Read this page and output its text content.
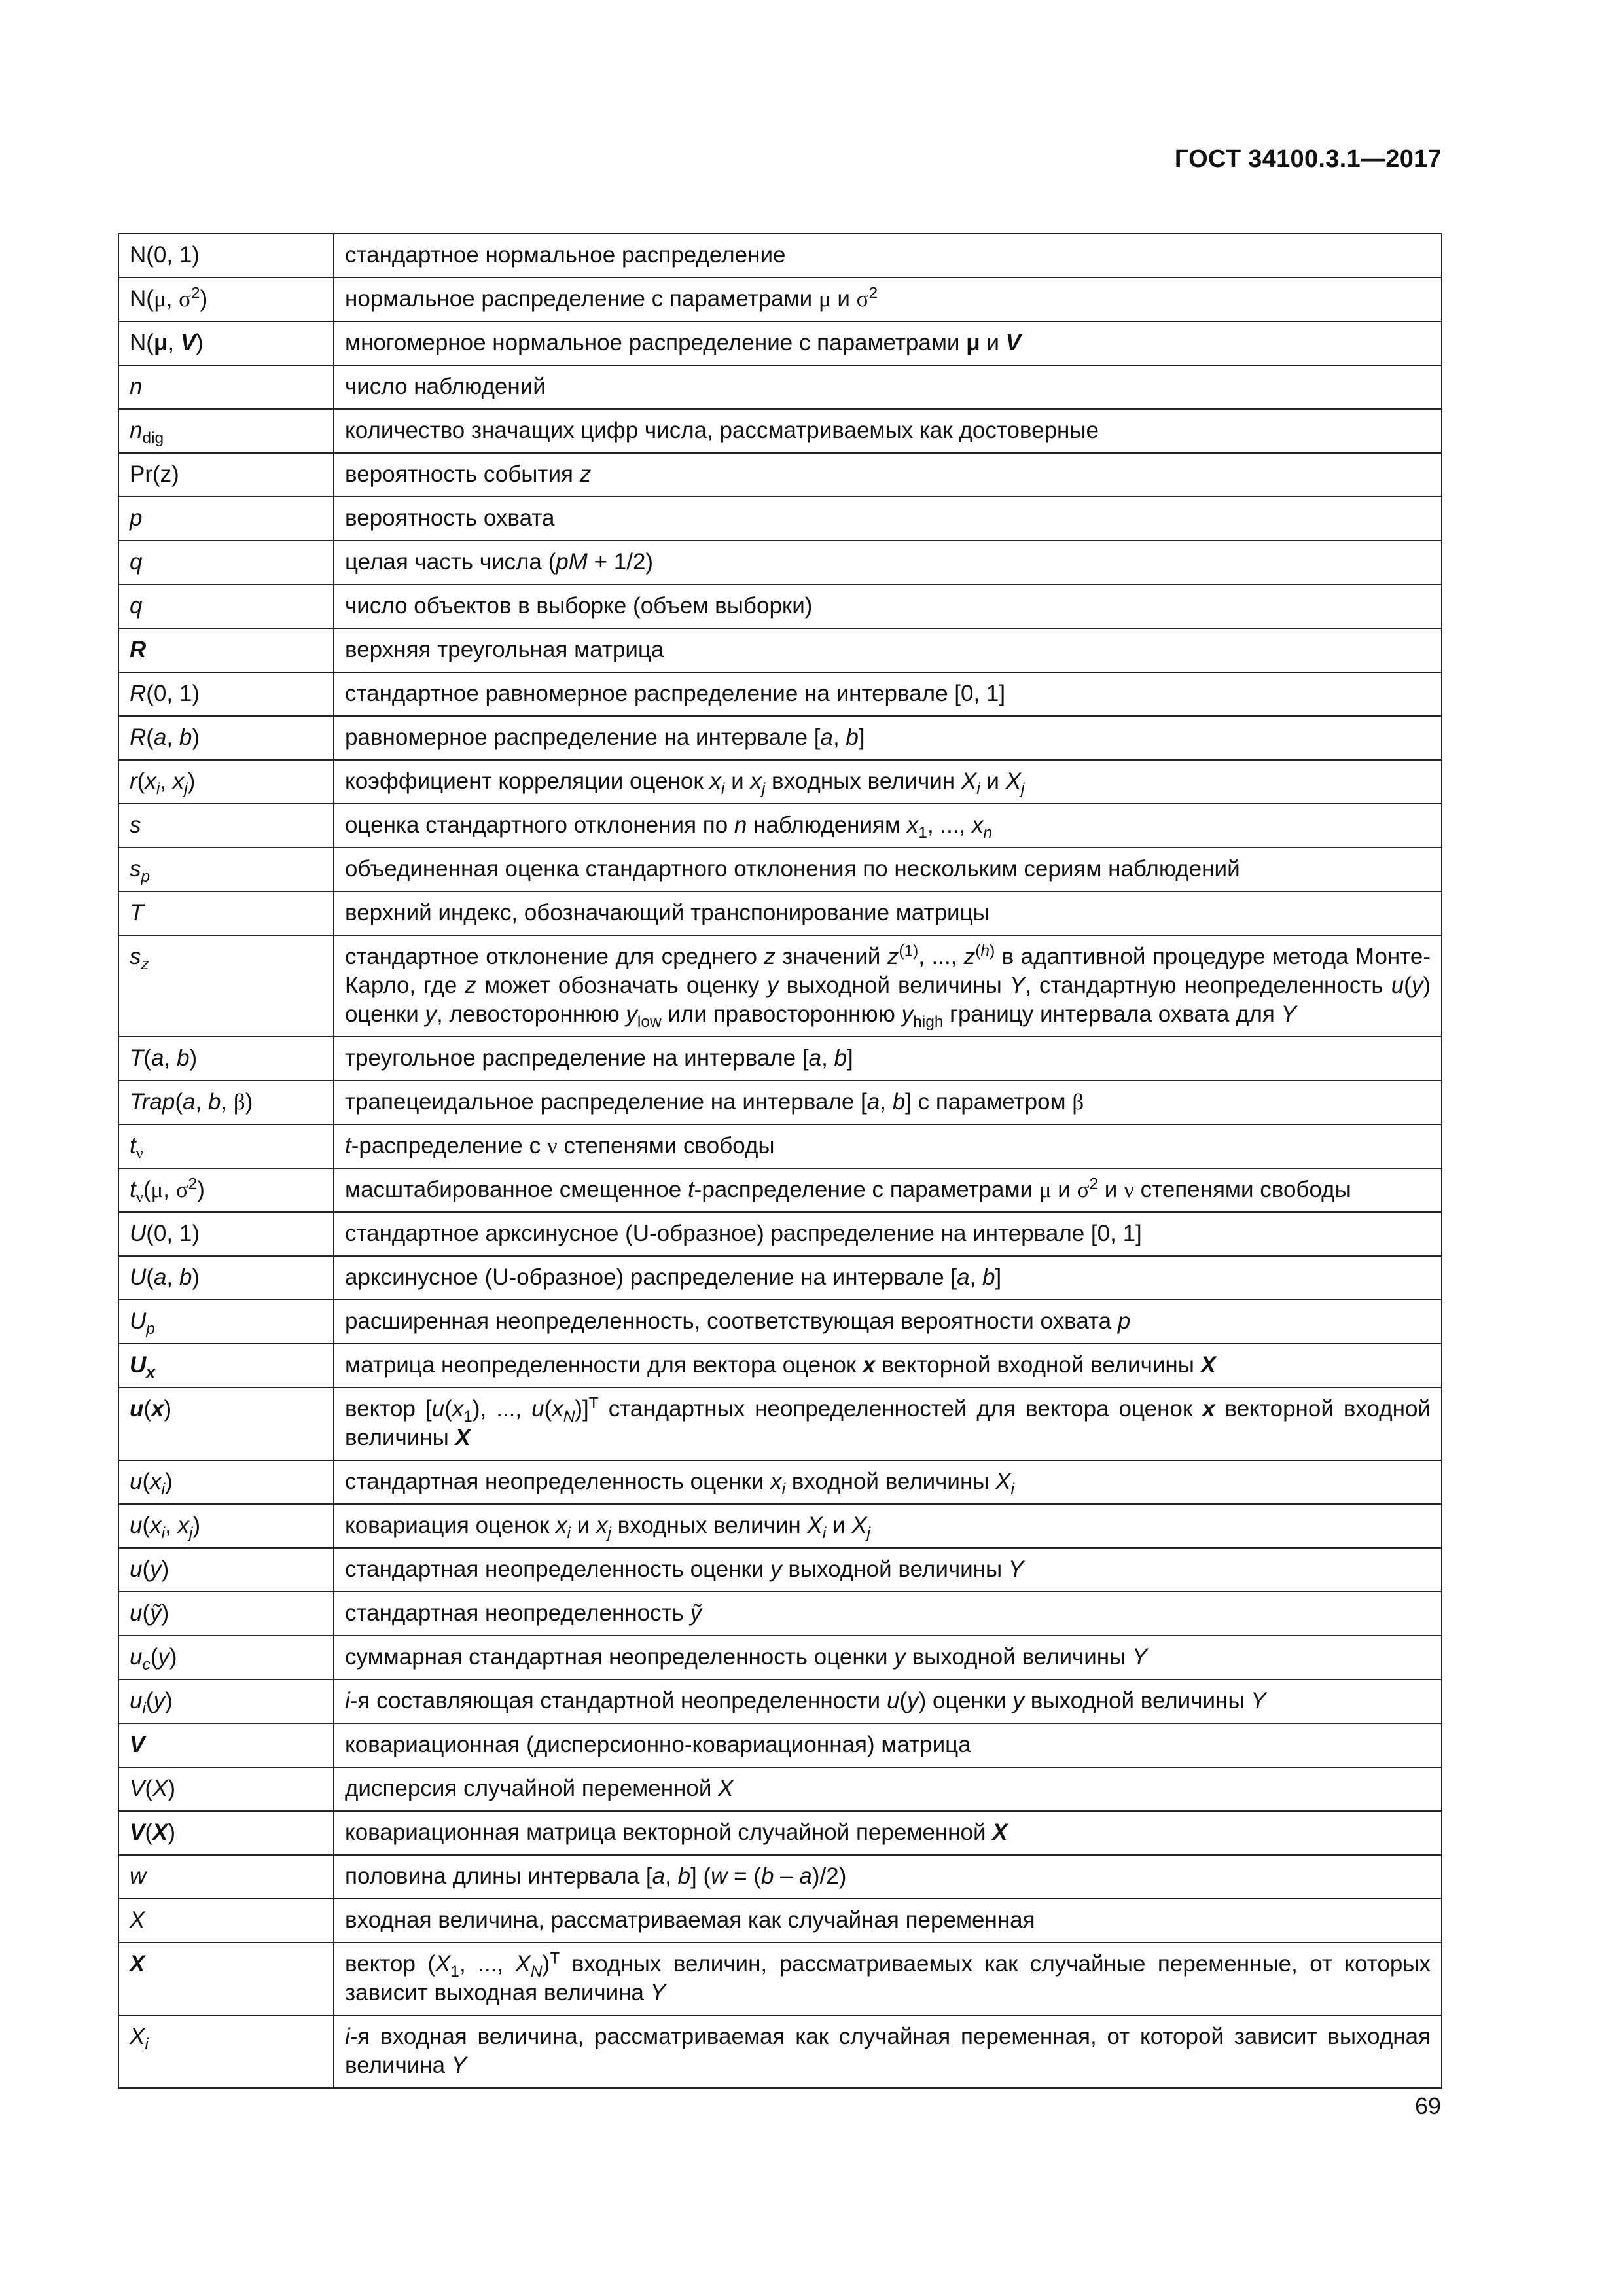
ГОСТ 34100.3.1—2017
N(0, 1)	стандартное нормальное распределение
N(μ, $\sigma^2$)	нормальное распределение с параметрами μ и $\sigma^2$
N(μ, V)	многомерное нормальное распределение с параметрами μ и V
n	число наблюдений
$n_{dig}$	количество значащих цифр числа, рассматриваемых как достоверные
Pr(z)	вероятность события z
p	вероятность охвата
q	целая часть числа (pM + 1/2)
q	число объектов в выборке (объем выборки)
R	верхняя треугольная матрица
R(0, 1)	стандартное равномерное распределение на интервале [0, 1]
R(a, b)	равномерное распределение на интервале [a, b]
$r(x_i$, $x_j$)	коэффициент корреляции оценок $x_i$ и $x_j$ входных величин $X_i$ и $X_j$
s	оценка стандартного отклонения по n наблюдениям $x_1$, ..., $x_n$
$s_p$	объединенная оценка стандартного отклонения по нескольким сериям наблюдений
T	верхний индекс, обозначающий транспонирование матрицы
$s_z$	стандартное отклонение для среднего z значений $z^{(1)}$, ..., $z^{(h)}$ в адаптивной процедуре метода Монте-Карло, где z может обозначать оценку y выходной величины Y, стандартную неопределенность u(y) оценки y, левостороннюю $y_{low}$ или правостороннюю $y_{high}$ границу интервала охвата для Y
T(a, b)	треугольное распределение на интервале [a, b]
Trap(a, b, β)	трапецеидальное распределение на интервале [a, b] с параметром β
$t_\nu$	t-распределение с ν степенями свободы
$t_\nu(\mu$, $\sigma^2$)	масштабированное смещенное t-распределение с параметрами μ и $\sigma^2$ и ν степенями свободы
U(0, 1)	стандартное арксинусное (U-образное) распределение на интервале [0, 1]
U(a, b)	арксинусное (U-образное) распределение на интервале [a, b]
$U_p$	расширенная неопределенность, соответствующая вероятности охвата p
$U_x$	матрица неопределенности для вектора оценок x векторной входной величины X
u(x)	вектор [$u(x_1)$, ..., $u(x_N)]^T$ стандартных неопределенностей для вектора оценок x векторной входной величины X
$u(x_i)$	стандартная неопределенность оценки $x_i$ входной величины $X_i$
$u(x_i$, $x_j$)	ковариация оценок $x_i$ и $x_j$ входных величин $X_i$ и $X_j$
u(y)	стандартная неопределенность оценки y выходной величины Y
u(ỹ)	стандартная неопределенность ỹ
$u_c(y)$	суммарная стандартная неопределенность оценки y выходной величины Y
$u_i(y)$	i-я составляющая стандартной неопределенности u(y) оценки y выходной величины Y
V	ковариационная (дисперсионно-ковариационная) матрица
V(X)	дисперсия случайной переменной X
V(X)	ковариационная матрица векторной случайной переменной X
w	половина длины интервала [a, b] (w = (b – a)/2)
X	входная величина, рассматриваемая как случайная переменная
X	вектор ($X_1$, ..., $X_N)^T$ входных величин, рассматриваемых как случайные переменные, от которых зависит выходная величина Y
$X_i$	i-я входная величина, рассматриваемая как случайная переменная, от которой зависит выходная величина Y
69
